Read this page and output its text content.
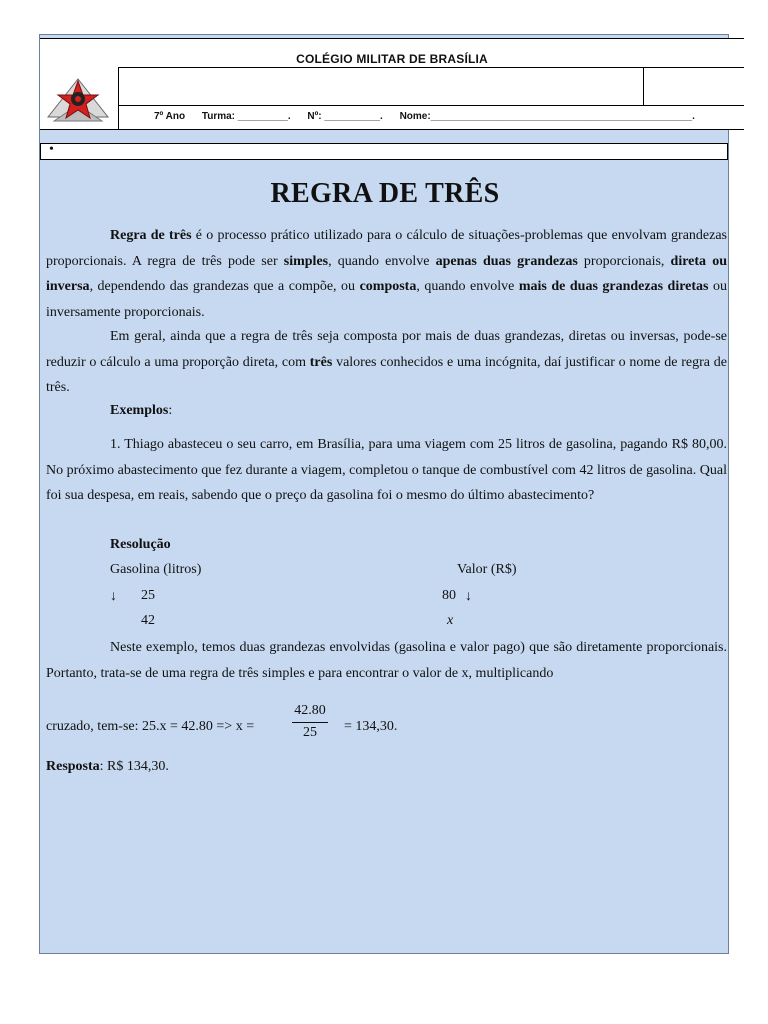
COLÉGIO MILITAR DE BRASÍLIA
7º Ano Turma: _________. Nº: __________. Nome:_______________________________________________.
•
REGRA DE TRÊS
Regra de três é o processo prático utilizado para o cálculo de situações-problemas que envolvam grandezas proporcionais. A regra de três pode ser simples, quando envolve apenas duas grandezas proporcionais, direta ou inversa, dependendo das grandezas que a compõe, ou composta, quando envolve mais de duas grandezas diretas ou inversamente proporcionais.
Em geral, ainda que a regra de três seja composta por mais de duas grandezas, diretas ou inversas, pode-se reduzir o cálculo a uma proporção direta, com três valores conhecidos e uma incógnita, daí justificar o nome de regra de três.
Exemplos:
1. Thiago abasteceu o seu carro, em Brasília, para uma viagem com 25 litros de gasolina, pagando R$ 80,00. No próximo abastecimento que fez durante a viagem, completou o tanque de combustível com 42 litros de gasolina. Qual foi sua despesa, em reais, sabendo que o preço da gasolina foi o mesmo do último abastecimento?
Resolução
Gasolina (litros)	Valor (R$)
↓ 25	80 ↓
42	x
Neste exemplo, temos duas grandezas envolvidas (gasolina e valor pago) que são diretamente proporcionais. Portanto, trata-se de uma regra de três simples e para encontrar o valor de x, multiplicando
cruzado, tem-se: 25.x = 42.80 => x =
42.80
25	= 134,30.
Resposta: R$ 134,30.
